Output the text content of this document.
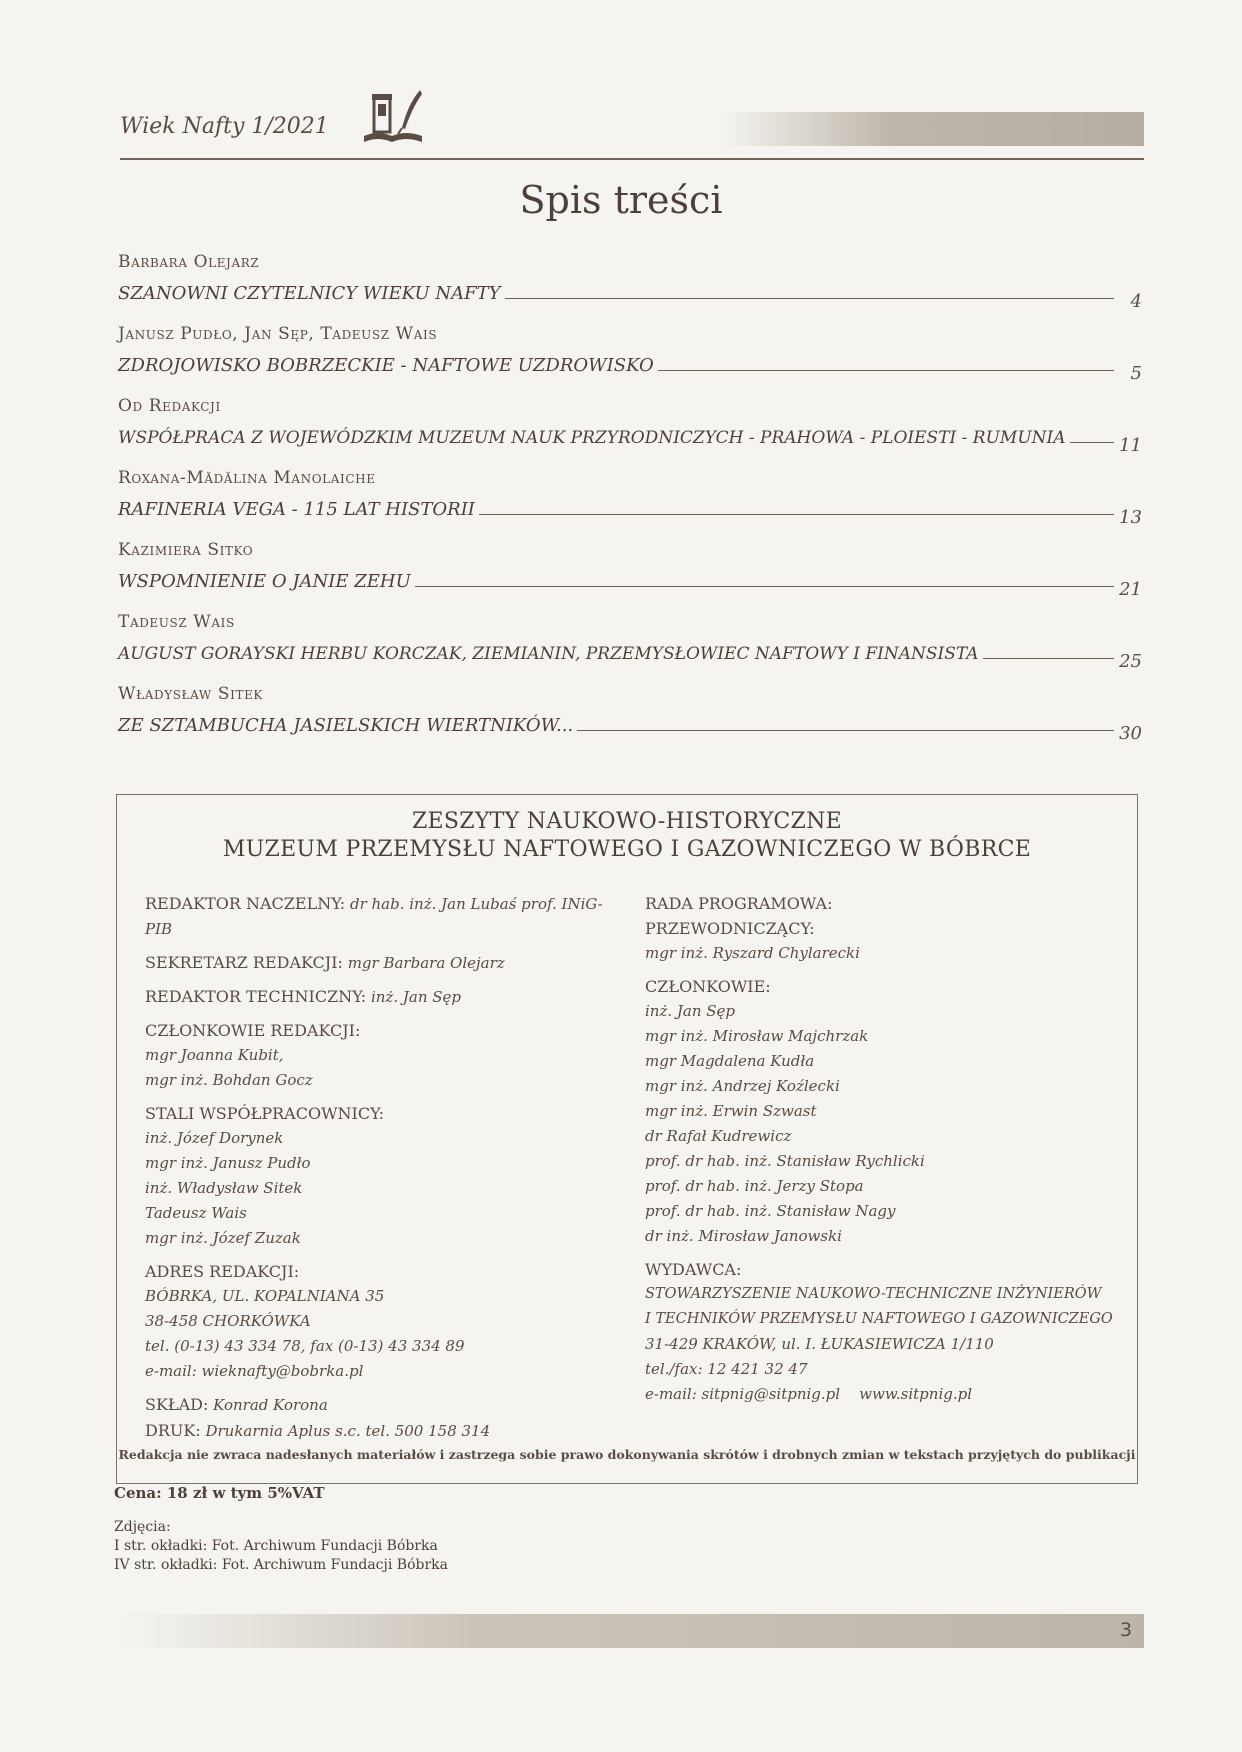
Wiek Nafty 1/2021
Spis treści
Barbara Olejarz
SZANOWNI CZYTELNICY WIEKU NAFTY	4
Janusz Pudło, Jan Sęp, Tadeusz Wais
ZDROJOWISKO BOBRZECKIE - NAFTOWE UZDROWISKO	5
Od Redakcji
WSPÓŁPRACA Z WOJEWÓDZKIM MUZEUM NAUK PRZYRODNICZYCH - PRAHOWA - PLOIESTI - RUMUNIA	11
Roxana-Mădălina Manolaiche
RAFINERIA VEGA - 115 LAT HISTORII	13
Kazimiera Sitko
WSPOMNIENIE O JANIE ZEHU	21
Tadeusz Wais
AUGUST GORAYSKI HERBU KORCZAK, ZIEMIANIN, PRZEMYSŁOWIEC NAFTOWY I FINANSISTA	25
Władysław Sitek
ZE SZTAMBUCHA JASIELSKICH WIERTNIKÓW...	30
ZESZYTY NAUKOWO-HISTORYCZNE
MUZEUM PRZEMYSŁU NAFTOWEGO I GAZOWNICZEGO W BÓBRCE
REDAKTOR NACZELNY: dr hab. inż. Jan Lubaś prof. INiG-PIB
SEKRETARZ REDAKCJI: mgr Barbara Olejarz
REDAKTOR TECHNICZNY: inż. Jan Sęp
CZŁONKOWIE REDAKCJI:
mgr Joanna Kubit,
mgr inż. Bohdan Gocz
STALI WSPÓŁPRACOWNICY:
inż. Józef Dorynek
mgr inż. Janusz Pudło
inż. Władysław Sitek
Tadeusz Wais
mgr inż. Józef Zuzak
ADRES REDAKCJI:
BÓBRKA, UL. KOPALNIANA 35
38-458 CHORKÓWKA
tel. (0-13) 43 334 78, fax (0-13) 43 334 89
e-mail: wieknafty@bobrka.pl
SKŁAD: Konrad Korona
DRUK: Drukarnia Aplus s.c. tel. 500 158 314
RADA PROGRAMOWA:
PRZEWODNICZĄCY:
mgr inż. Ryszard Chylarecki
CZŁONKOWIE:
inż. Jan Sęp
mgr inż. Mirosław Majchrzak
mgr Magdalena Kudła
mgr inż. Andrzej Koźlecki
mgr inż. Erwin Szwast
dr Rafał Kudrewicz
prof. dr hab. inż. Stanisław Rychlicki
prof. dr hab. inż. Jerzy Stopa
prof. dr hab. inż. Stanisław Nagy
dr inż. Mirosław Janowski
WYDAWCA:
STOWARZYSZENIE NAUKOWO-TECHNICZNE INŻYNIERÓW
I TECHNIKÓW PRZEMYSŁU NAFTOWEGO I GAZOWNICZEGO
31-429 KRAKÓW, ul. I. ŁUKASIEWICZA 1/110
tel./fax: 12 421 32 47
e-mail: sitpnig@sitpnig.pl www.sitpnig.pl
Redakcja nie zwraca nadesłanych materiałów i zastrzega sobie prawo dokonywania skrótów i drobnych zmian w tekstach przyjętych do publikacji
Cena: 18 zł w tym 5%VAT
Zdjęcia:
I str. okładki: Fot. Archiwum Fundacji Bóbrka
IV str. okładki: Fot. Archiwum Fundacji Bóbrka
3
